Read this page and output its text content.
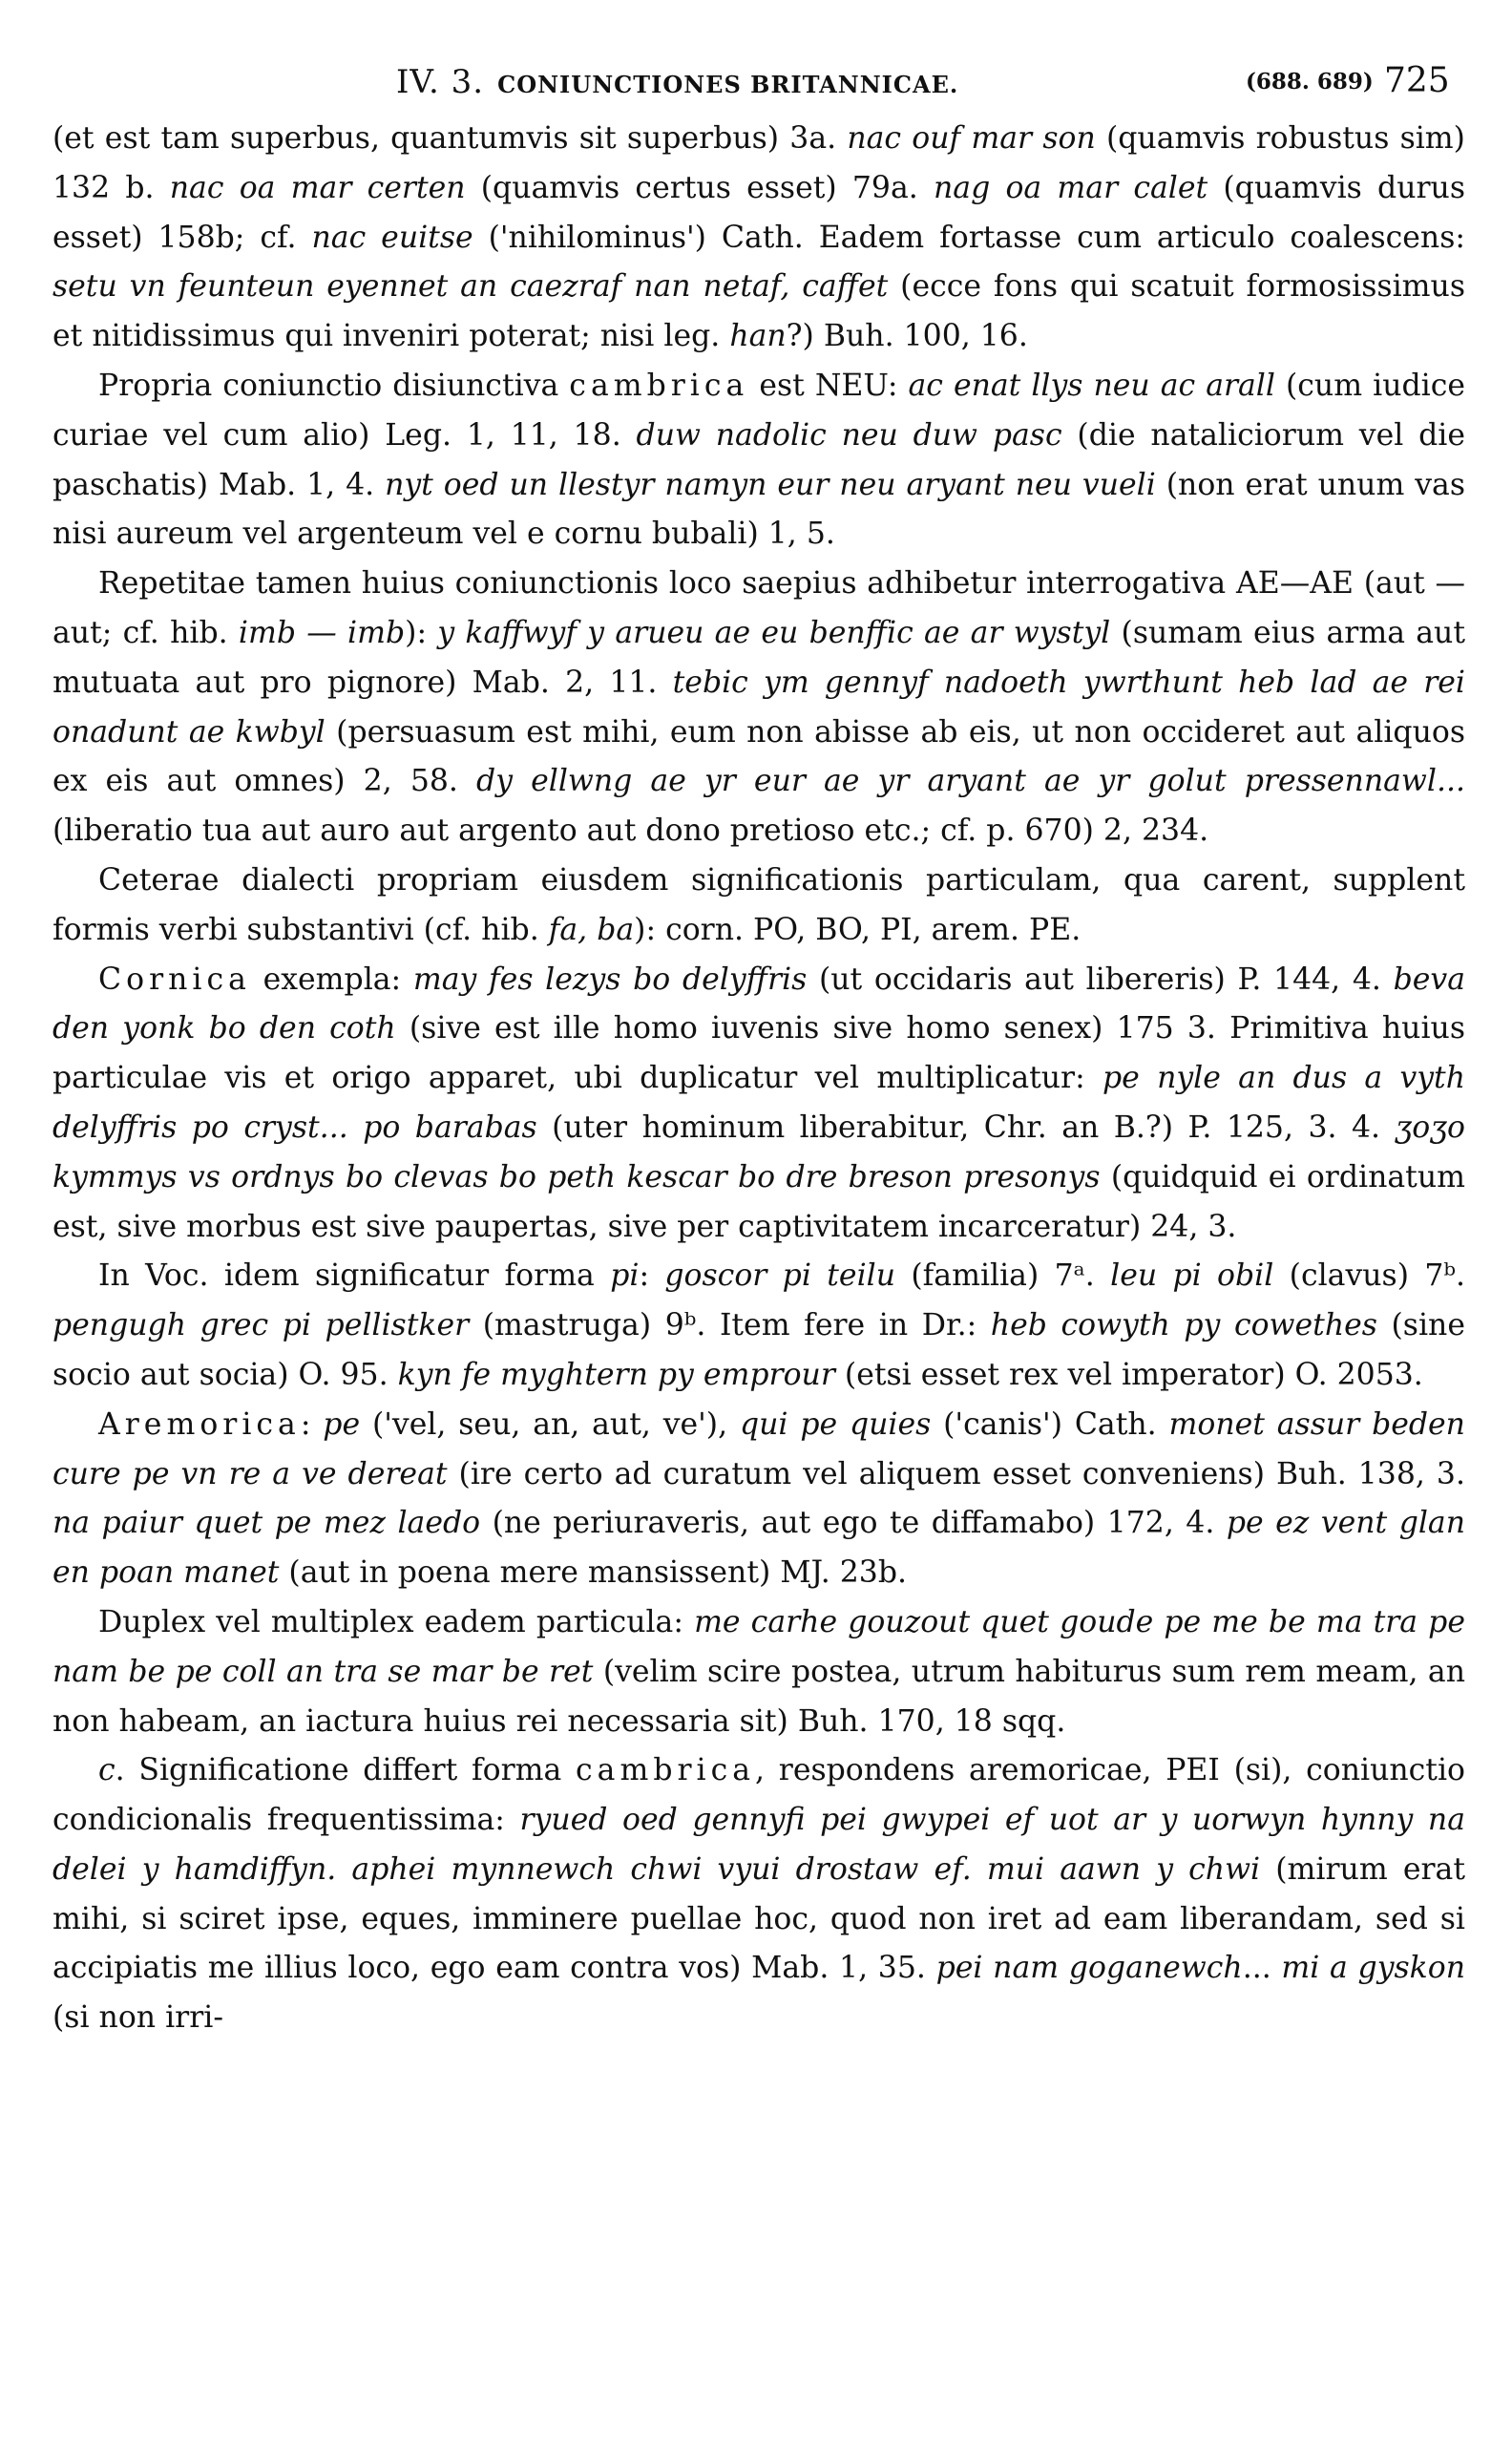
IV. 3. CONIUNCTIONES BRITANNICAE.	(688. 689) 725

(et est tam superbus, quantumvis sit superbus) 3a. nac ouf mar son (quamvis robustus sim) 132 b. nac oa mar certen (quamvis certus esset) 79a. nag oa mar calet (quamvis durus esset) 158b; cf. nac euitse ('nihilominus') Cath. Eadem fortasse cum articulo coalescens: setu vn feunteun eyennet an caezraf nan netaf, caffet (ecce fons qui scatuit formosissimus et nitidissimus qui inveniri poterat; nisi leg. han?) Buh. 100, 16.

Propria coniunctio disiunctiva cambrica est NEU: ac enat llys neu ac arall (cum iudice curiae vel cum alio) Leg. 1, 11, 18. duw nadolic neu duw pasc (die nataliciorum vel die paschatis) Mab. 1, 4. nyt oed un llestyr namyn eur neu aryant neu vueli (non erat unum vas nisi aureum vel argenteum vel e cornu bubali) 1, 5.

Repetitae tamen huius coniunctionis loco saepius adhibetur interrogativa AE—AE (aut — aut; cf. hib. imb — imb): y kaffwyf y arueu ae eu benffic ae ar wystyl (sumam eius arma aut mutuata aut pro pignore) Mab. 2, 11. tebic ym gennyf nadoeth ywrthunt heb lad ae rei onadunt ae kwbyl (persuasum est mihi, eum non abisse ab eis, ut non occideret aut aliquos ex eis aut omnes) 2, 58. dy ellwng ae yr eur ae yr aryant ae yr golut pressennawl... (liberatio tua aut auro aut argento aut dono pretioso etc.; cf. p. 670) 2, 234.

Ceterae dialecti propriam eiusdem significationis particulam, qua carent, supplent formis verbi substantivi (cf. hib. fa, ba): corn. PO, BO, PI, arem. PE.

Cornica exempla: may fes lezys bo delyffris (ut occidaris aut libereris) P. 144, 4. beva den yonk bo den coth (sive est ille homo iuvenis sive homo senex) 175 3. Primitiva huius particulae vis et origo apparet, ubi duplicatur vel multiplicatur: pe nyle an dus a vyth delyffris po cryst... po barabas (uter hominum liberabitur, Chr. an B.?) P. 125, 3. 4. ʒoʒo kymmys vs ordnys bo clevas bo peth kescar bo dre breson presonys (quidquid ei ordinatum est, sive morbus est sive paupertas, sive per captivitatem incarceratur) 24, 3.

In Voc. idem significatur forma pi: goscor pi teilu (familia) 7ᵃ. leu pi obil (clavus) 7ᵇ. pengugh grec pi pellistker (mastruga) 9ᵇ. Item fere in Dr.: heb cowyth py cowethes (sine socio aut socia) O. 95. kyn fe myghtern py emprour (etsi esset rex vel imperator) O. 2053.

Aremorica: pe ('vel, seu, an, aut, ve'), qui pe quies ('canis') Cath. monet assur beden cure pe vn re a ve dereat (ire certo ad curatum vel aliquem esset conveniens) Buh. 138, 3. na paiur quet pe mez laedo (ne periuraveris, aut ego te diffamabo) 172, 4. pe ez vent glan en poan manet (aut in poena mere mansissent) MJ. 23b.

Duplex vel multiplex eadem particula: me carhe gouzout quet goude pe me be ma tra pe nam be pe coll an tra se mar be ret (velim scire postea, utrum habiturus sum rem meam, an non habeam, an iactura huius rei necessaria sit) Buh. 170, 18 sqq.

c. Significatione differt forma cambrica, respondens aremoricae, PEI (si), coniunctio condicionalis frequentissima: ryued oed gennyfi pei gwypei ef uot ar y uorwyn hynny na delei y hamdiffyn. aphei mynnewch chwi vyui drostaw ef. mui aawn y chwi (mirum erat mihi, si sciret ipse, eques, imminere puellae hoc, quod non iret ad eam liberandam, sed si accipiatis me illius loco, ego eam contra vos) Mab. 1, 35. pei nam goganewch... mi a gyskon (si non irri-
